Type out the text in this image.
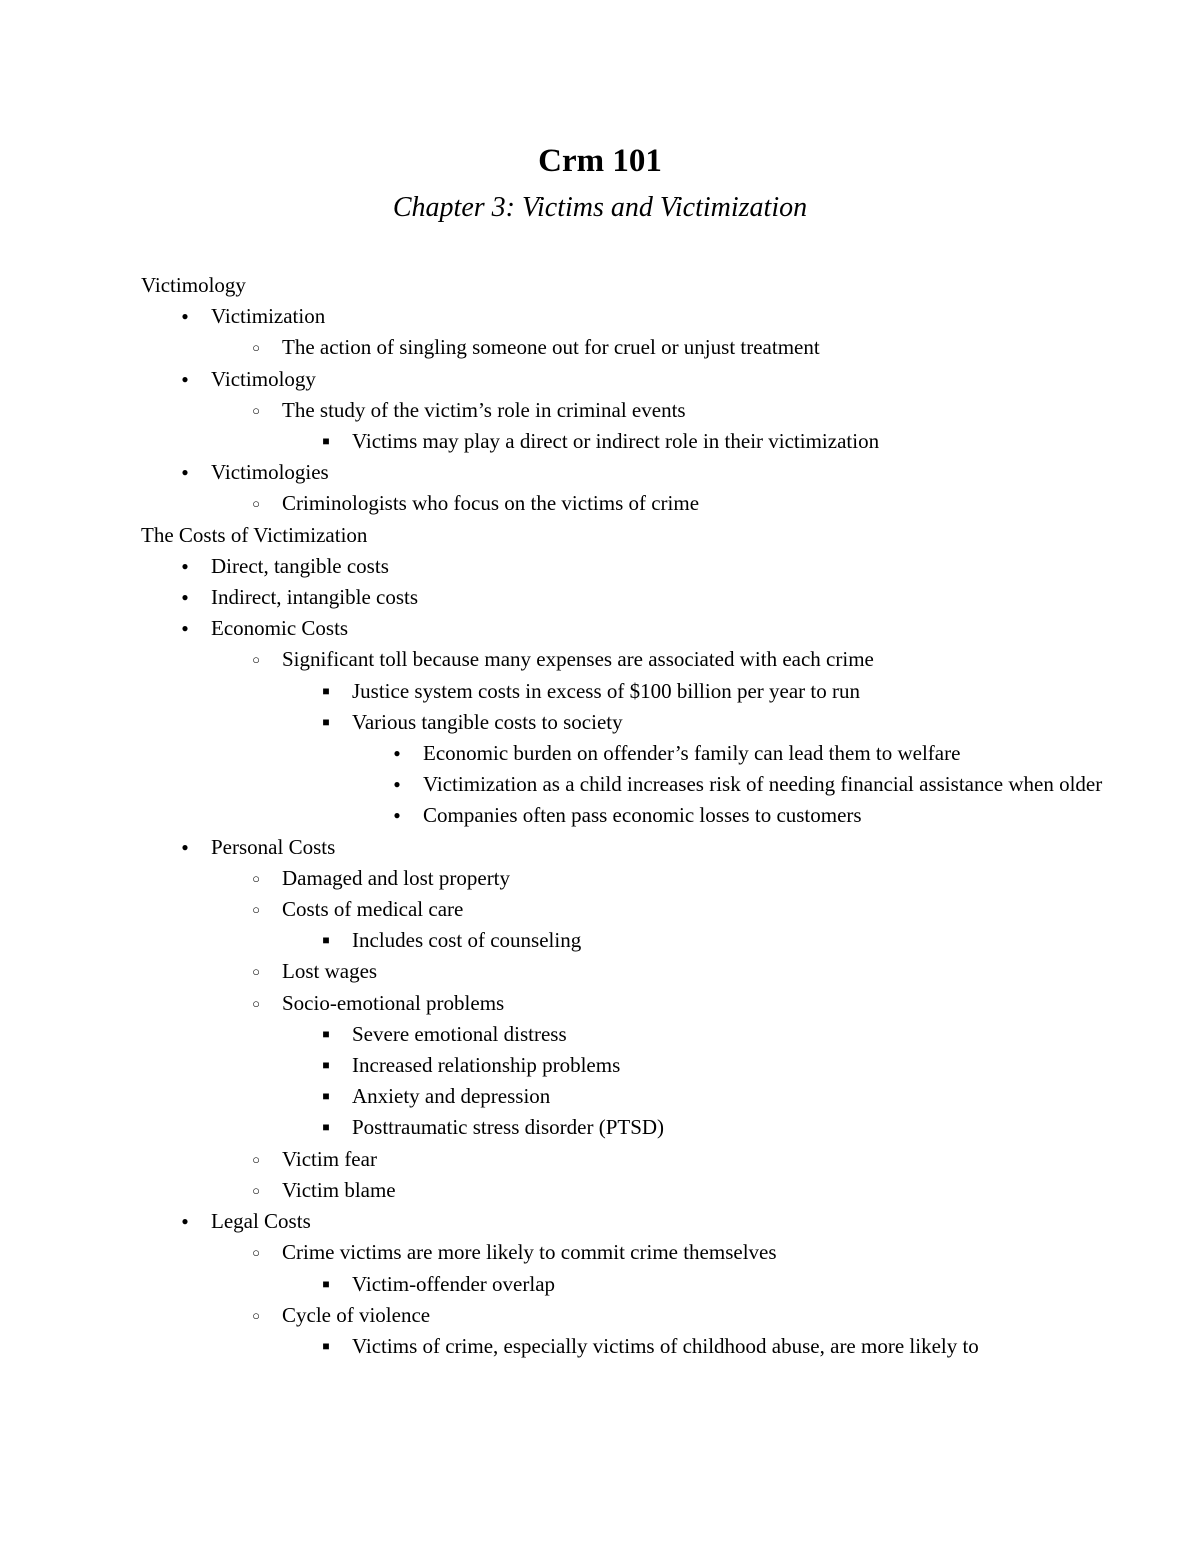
Crm 101
Chapter 3: Victims and Victimization
Victimology
●
Victimization
○
The action of singling someone out for cruel or unjust treatment
●
Victimology
○
The study of the victim’s role in criminal events
■
Victims may play a direct or indirect role in their victimization
●
Victimologies
○
Criminologists who focus on the victims of crime
The Costs of Victimization
●
Direct, tangible costs
●
Indirect, intangible costs
●
Economic Costs
○
Significant toll because many expenses are associated with each crime
■
Justice system costs in excess of $100 billion per year to run
■
Various tangible costs to society
●
Economic burden on offender’s family can lead them to welfare
●
Victimization as a child increases risk of needing financial assistance when older
●
Companies often pass economic losses to customers
●
Personal Costs
○
Damaged and lost property
○
Costs of medical care
■
Includes cost of counseling
○
Lost wages
○
Socio-emotional problems
■
Severe emotional distress
■
Increased relationship problems
■
Anxiety and depression
■
Posttraumatic stress disorder (PTSD)
○
Victim fear
○
Victim blame
●
Legal Costs
○
Crime victims are more likely to commit crime themselves
■
Victim-offender overlap
○
Cycle of violence
■
Victims of crime, especially victims of childhood abuse, are more likely to
